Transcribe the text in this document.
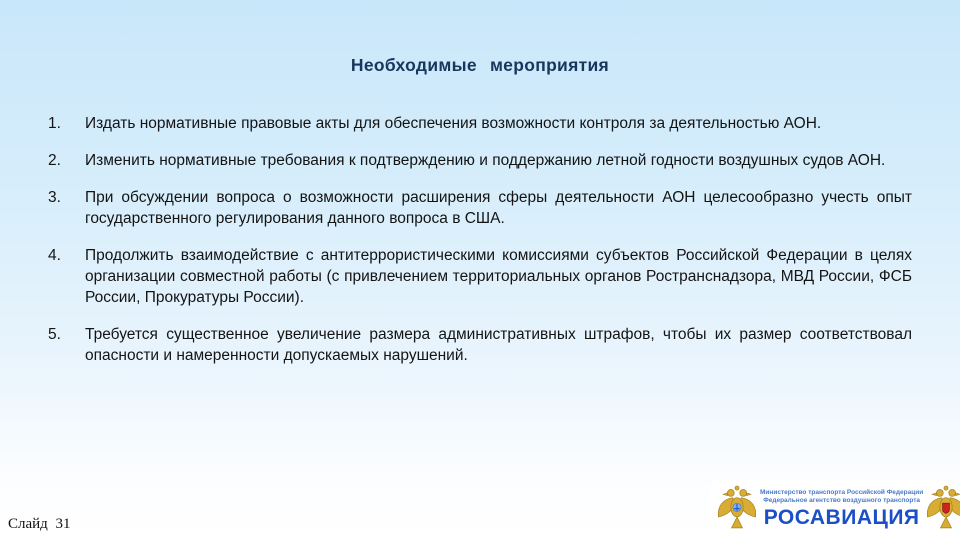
Необходимые мероприятия
1.	Издать нормативные правовые акты для обеспечения возможности контроля за деятельностью АОН.
2.	Изменить нормативные требования к подтверждению и поддержанию летной годности воздушных судов АОН.
3.	При обсуждении вопроса о возможности расширения сферы деятельности АОН целесообразно учесть опыт государственного регулирования данного вопроса в США.
4.	Продолжить взаимодействие с антитеррористическими комиссиями субъектов Российской Федерации в целях организации совместной работы (с привлечением территориальных органов Ространснадзора, МВД России, ФСБ России, Прокуратуры России).
5.	Требуется существенное увеличение размера административных штрафов, чтобы их размер соответствовал опасности и намеренности допускаемых нарушений.
Слайд 31
Министерство транспорта Российской Федерации
Федеральное агентство воздушного транспорта
РОСАВИАЦИЯ
